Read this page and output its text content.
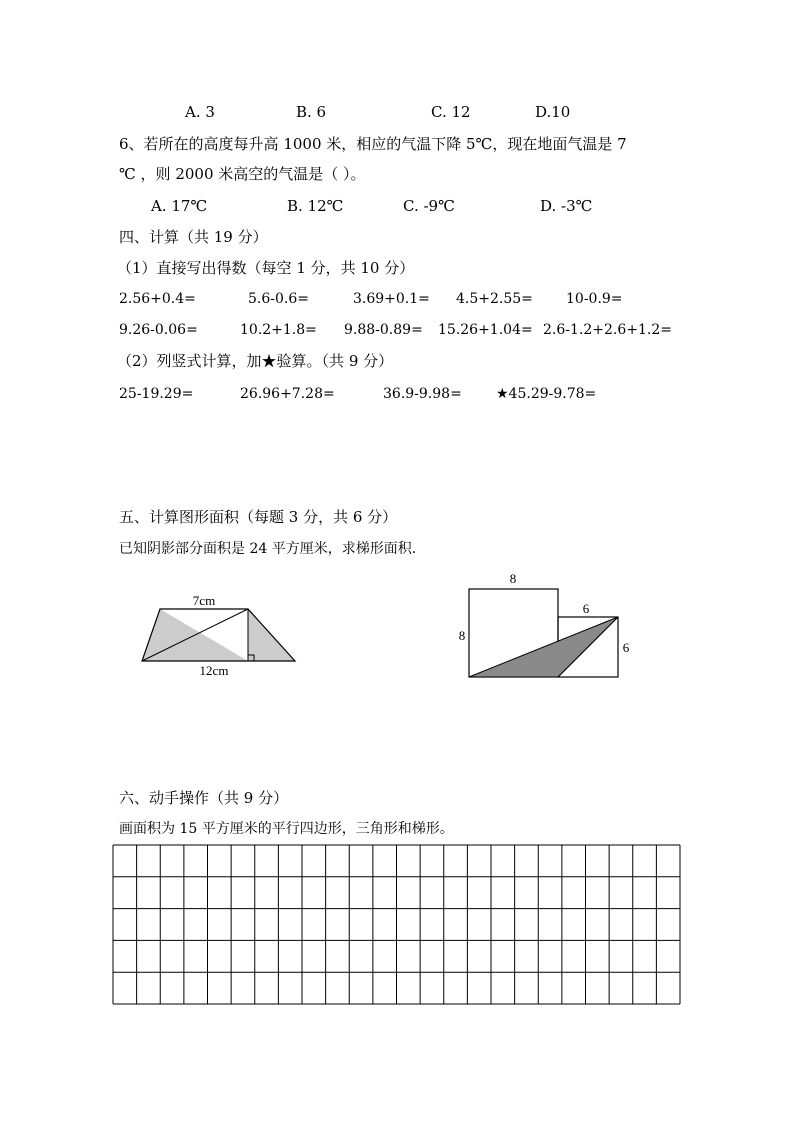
A. 3	B. 6	C. 12	D.10
6、若所在的高度每升高 1000 米，相应的气温下降 5℃，现在地面气温是 7
℃ ，则 2000 米高空的气温是（ ）。
A. 17℃	B. 12℃	C. -9℃	D. -3℃
四、计算（共 19 分）
（1）直接写出得数（每空 1 分，共 10 分）
2.56+0.4=	5.6-0.6=	3.69+0.1= 4.5+2.55= 10-0.9=
9.26-0.06=	10.2+1.8= 9.88-0.89= 15.26+1.04= 2.6-1.2+2.6+1.2=
（2）列竖式计算，加★验算。（共 9 分）
25-19.29=	26.96+7.28=	36.9-9.98= ★45.29-9.78=
五、计算图形面积（每题 3 分，共 6 分）
已知阴影部分面积是 24 平方厘米，求梯形面积.
7cm
12cm
8
8
6
6
六、动手操作（共 9 分）
画面积为 15 平方厘米的平行四边形，三角形和梯形。
